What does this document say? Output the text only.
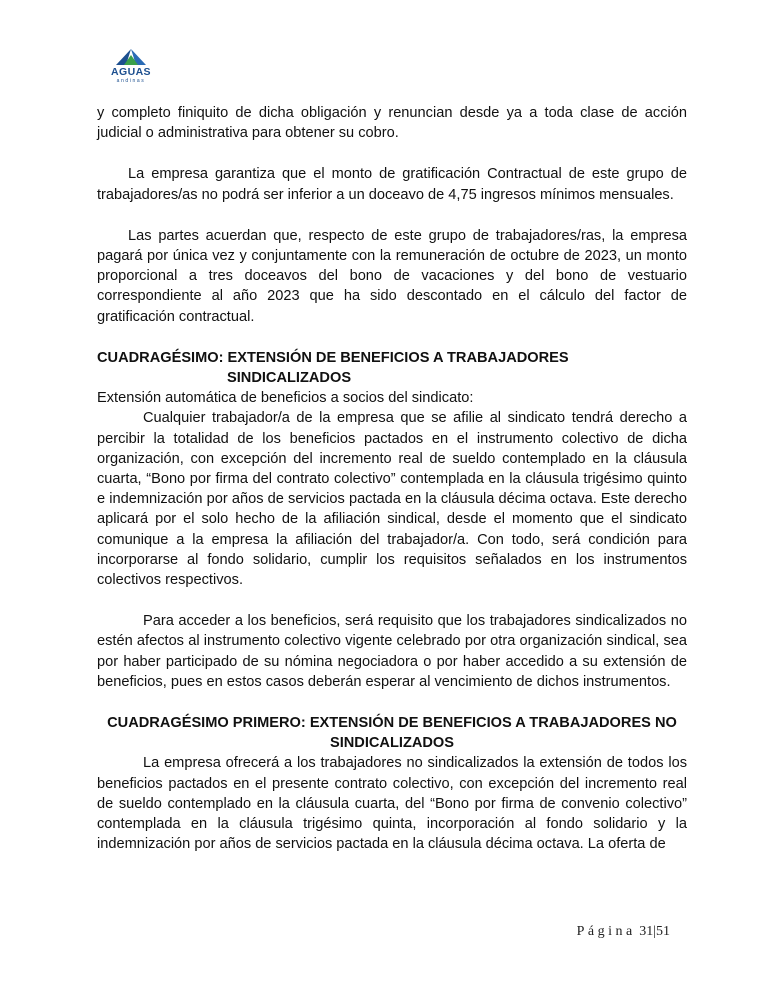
AGUAS
andinas

y completo finiquito de dicha obligación y renuncian desde ya a toda clase de acción judicial o administrativa para obtener su cobro.

La empresa garantiza que el monto de gratificación Contractual de este grupo de trabajadores/as no podrá ser inferior a un doceavo de 4,75 ingresos mínimos mensuales.

Las partes acuerdan que, respecto de este grupo de trabajadores/ras, la empresa pagará por única vez y conjuntamente con la remuneración de octubre de 2023, un monto proporcional a tres doceavos del bono de vacaciones y del bono de vestuario correspondiente al año 2023 que ha sido descontado en el cálculo del factor de gratificación contractual.

CUADRAGÉSIMO: EXTENSIÓN DE BENEFICIOS A TRABAJADORES
SINDICALIZADOS

Extensión automática de beneficios a socios del sindicato:

Cualquier trabajador/a de la empresa que se afilie al sindicato tendrá derecho a percibir la totalidad de los beneficios pactados en el instrumento colectivo de dicha organización, con excepción del incremento real de sueldo contemplado en la cláusula cuarta, “Bono por firma del contrato colectivo” contemplada en la cláusula trigésimo quinto e indemnización por años de servicios pactada en la cláusula décima octava. Este derecho aplicará por el solo hecho de la afiliación sindical, desde el momento que el sindicato comunique a la empresa la afiliación del trabajador/a. Con todo, será condición para incorporarse al fondo solidario, cumplir los requisitos señalados en los instrumentos colectivos respectivos.

Para acceder a los beneficios, será requisito que los trabajadores sindicalizados no estén afectos al instrumento colectivo vigente celebrado por otra organización sindical, sea por haber participado de su nómina negociadora o por haber accedido a su extensión de beneficios, pues en estos casos deberán esperar al vencimiento de dichos instrumentos.

CUADRAGÉSIMO PRIMERO: EXTENSIÓN DE BENEFICIOS A TRABAJADORES NO
SINDICALIZADOS

La empresa ofrecerá a los trabajadores no sindicalizados la extensión de todos los beneficios pactados en el presente contrato colectivo, con excepción del incremento real de sueldo contemplado en la cláusula cuarta, del “Bono por firma de convenio colectivo” contemplada en la cláusula trigésimo quinta, incorporación al fondo solidario y la indemnización por años de servicios pactada en la cláusula décima octava. La oferta de

Página 31|51
